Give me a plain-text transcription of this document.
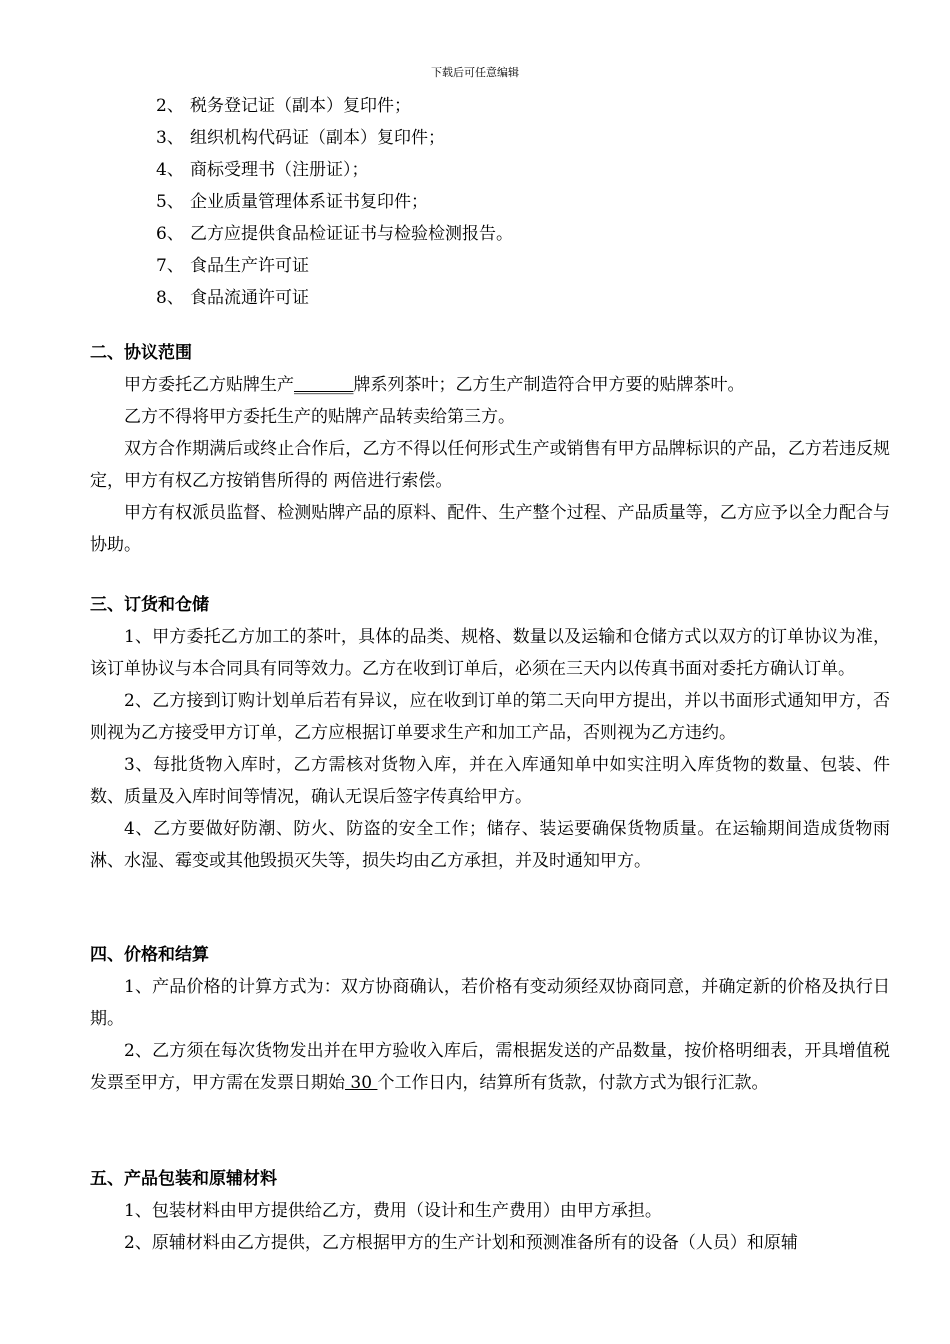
下载后可任意编辑
2、 税务登记证（副本）复印件；
3、 组织机构代码证（副本）复印件；
4、 商标受理书（注册证）；
5、 企业质量管理体系证书复印件；
6、 乙方应提供食品检证证书与检验检测报告。
7、 食品生产许可证
8、 食品流通许可证
二、协议范围

甲方委托乙方贴牌生产_______牌系列茶叶；乙方生产制造符合甲方要的贴牌茶叶。

乙方不得将甲方委托生产的贴牌产品转卖给第三方。

双方合作期满后或终止合作后，乙方不得以任何形式生产或销售有甲方品牌标识的产品，乙方若违反规定，甲方有权乙方按销售所得的 两倍进行索偿。

甲方有权派员监督、检测贴牌产品的原料、配件、生产整个过程、产品质量等，乙方应予以全力配合与协助。

三、订货和仓储

1、甲方委托乙方加工的茶叶，具体的品类、规格、数量以及运输和仓储方式以双方的订单协议为准，该订单协议与本合同具有同等效力。乙方在收到订单后，必须在三天内以传真书面对委托方确认订单。

2、乙方接到订购计划单后若有异议，应在收到订单的第二天向甲方提出，并以书面形式通知甲方，否则视为乙方接受甲方订单，乙方应根据订单要求生产和加工产品，否则视为乙方违约。

3、每批货物入库时，乙方需核对货物入库，并在入库通知单中如实注明入库货物的数量、包装、件数、质量及入库时间等情况，确认无误后签字传真给甲方。

4、乙方要做好防潮、防火、防盗的安全工作；储存、装运要确保货物质量。在运输期间造成货物雨淋、水湿、霉变或其他毁损灭失等，损失均由乙方承担，并及时通知甲方。

四、价格和结算

1、产品价格的计算方式为：双方协商确认，若价格有变动须经双协商同意，并确定新的价格及执行日期。

2、乙方须在每次货物发出并在甲方验收入库后，需根据发送的产品数量，按价格明细表，开具增值税发票至甲方，甲方需在发票日期始 30 个工作日内，结算所有货款，付款方式为银行汇款。

五、产品包装和原辅材料

1、包装材料由甲方提供给乙方，费用（设计和生产费用）由甲方承担。

2、原辅材料由乙方提供，乙方根据甲方的生产计划和预测准备所有的设备（人员）和原辅
